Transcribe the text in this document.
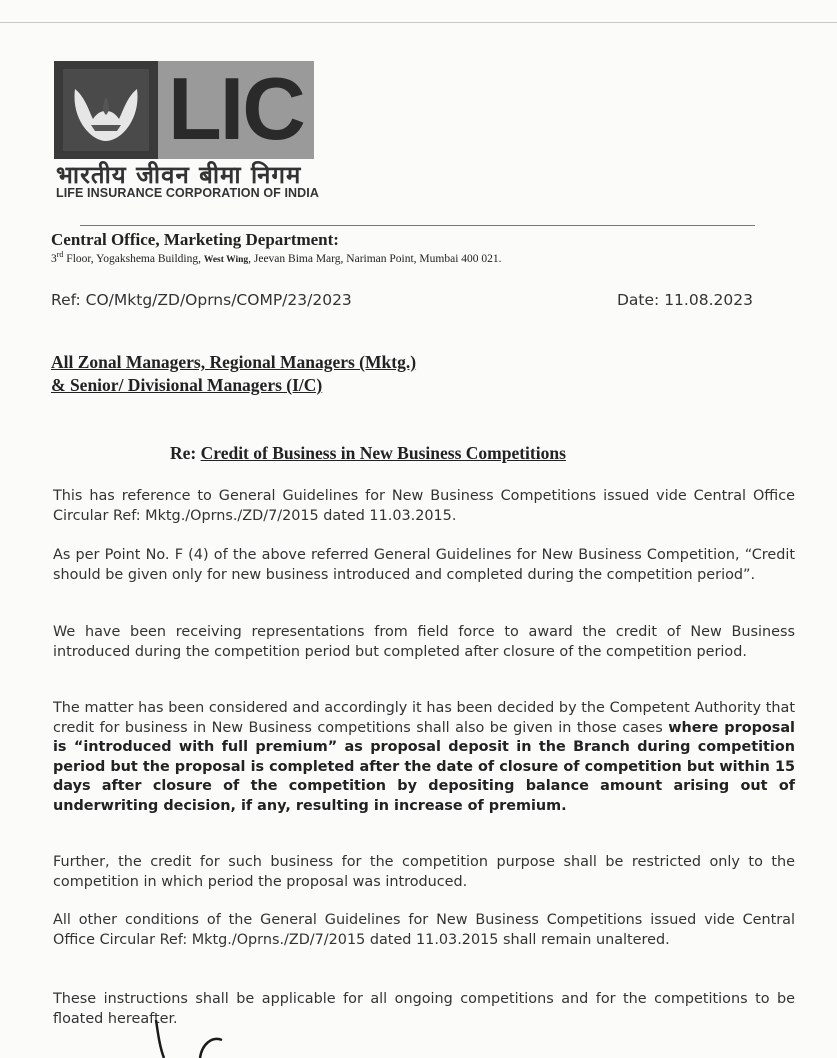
LIC
भारतीय जीवन बीमा निगम
LIFE INSURANCE CORPORATION OF INDIA
Central Office, Marketing Department:
3rd Floor, Yogakshema Building, West Wing, Jeevan Bima Marg, Nariman Point, Mumbai 400 021.
Ref: CO/Mktg/ZD/Oprns/COMP/23/2023	Date: 11.08.2023
All Zonal Managers, Regional Managers (Mktg.)
& Senior/ Divisional Managers (I/C)
Re: Credit of Business in New Business Competitions

This has reference to General Guidelines for New Business Competitions issued vide Central Office Circular Ref: Mktg./Oprns./ZD/7/2015 dated 11.03.2015.

As per Point No. F (4) of the above referred General Guidelines for New Business Competition, “Credit should be given only for new business introduced and completed during the competition period”.

We have been receiving representations from field force to award the credit of New Business introduced during the competition period but completed after closure of the competition period.

The matter has been considered and accordingly it has been decided by the Competent Authority that credit for business in New Business competitions shall also be given in those cases where proposal is “introduced with full premium” as proposal deposit in the Branch during competition period but the proposal is completed after the date of closure of competition but within 15 days after closure of the competition by depositing balance amount arising out of underwriting decision, if any, resulting in increase of premium.

Further, the credit for such business for the competition purpose shall be restricted only to the competition in which period the proposal was introduced.

All other conditions of the General Guidelines for New Business Competitions issued vide Central Office Circular Ref: Mktg./Oprns./ZD/7/2015 dated 11.03.2015 shall remain unaltered.

These instructions shall be applicable for all ongoing competitions and for the competitions to be floated hereafter.
